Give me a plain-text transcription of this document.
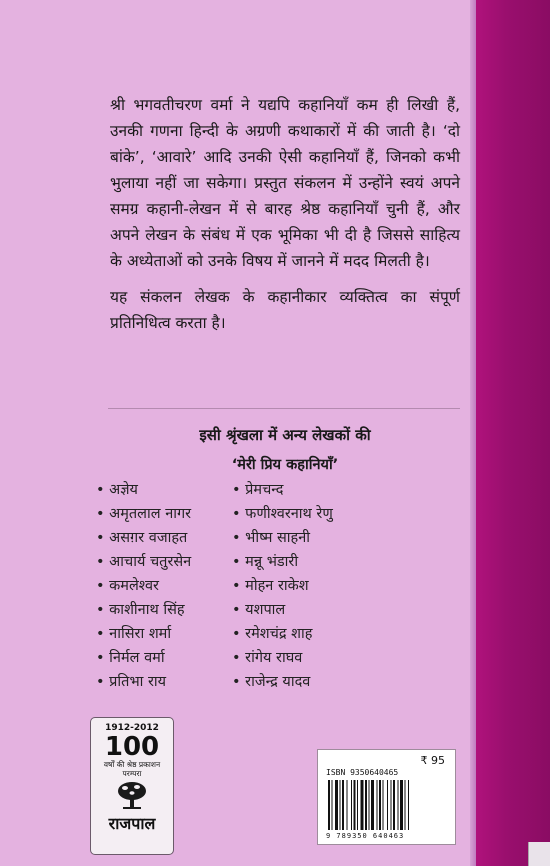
श्री भगवतीचरण वर्मा ने यद्यपि कहानियाँ कम ही लिखी हैं, उनकी गणना हिन्दी के अग्रणी कथाकारों में की जाती है। ‘दो बांके’, ‘आवारे’ आदि उनकी ऐसी कहानियाँ हैं, जिनको कभी भुलाया नहीं जा सकेगा। प्रस्तुत संकलन में उन्होंने स्वयं अपने समग्र कहानी-लेखन में से बारह श्रेष्ठ कहानियाँ चुनी हैं, और अपने लेखन के संबंध में एक भूमिका भी दी है जिससे साहित्य के अध्येताओं को उनके विषय में जानने में मदद मिलती है।

यह संकलन लेखक के कहानीकार व्यक्तित्व का संपूर्ण प्रतिनिधित्व करता है।

इसी श्रृंखला में अन्य लेखकों की
‘मेरी प्रिय कहानियाँ’
• अज्ञेय
• अमृतलाल नागर
• असग़र वजाहत
• आचार्य चतुरसेन
• कमलेश्वर
• काशीनाथ सिंह
• नासिरा शर्मा
• निर्मल वर्मा
• प्रतिभा राय
• प्रेमचन्द
• फणीश्वरनाथ रेणु
• भीष्म साहनी
• मन्नू भंडारी
• मोहन राकेश
• यशपाल
• रमेशचंद्र शाह
• रांगेय राघव
• राजेन्द्र यादव
1912-2012
100
वर्षों की श्रेष्ठ प्रकाशन परम्परा
राजपाल
₹ 95
ISBN 9350640465
9 789350 640463
